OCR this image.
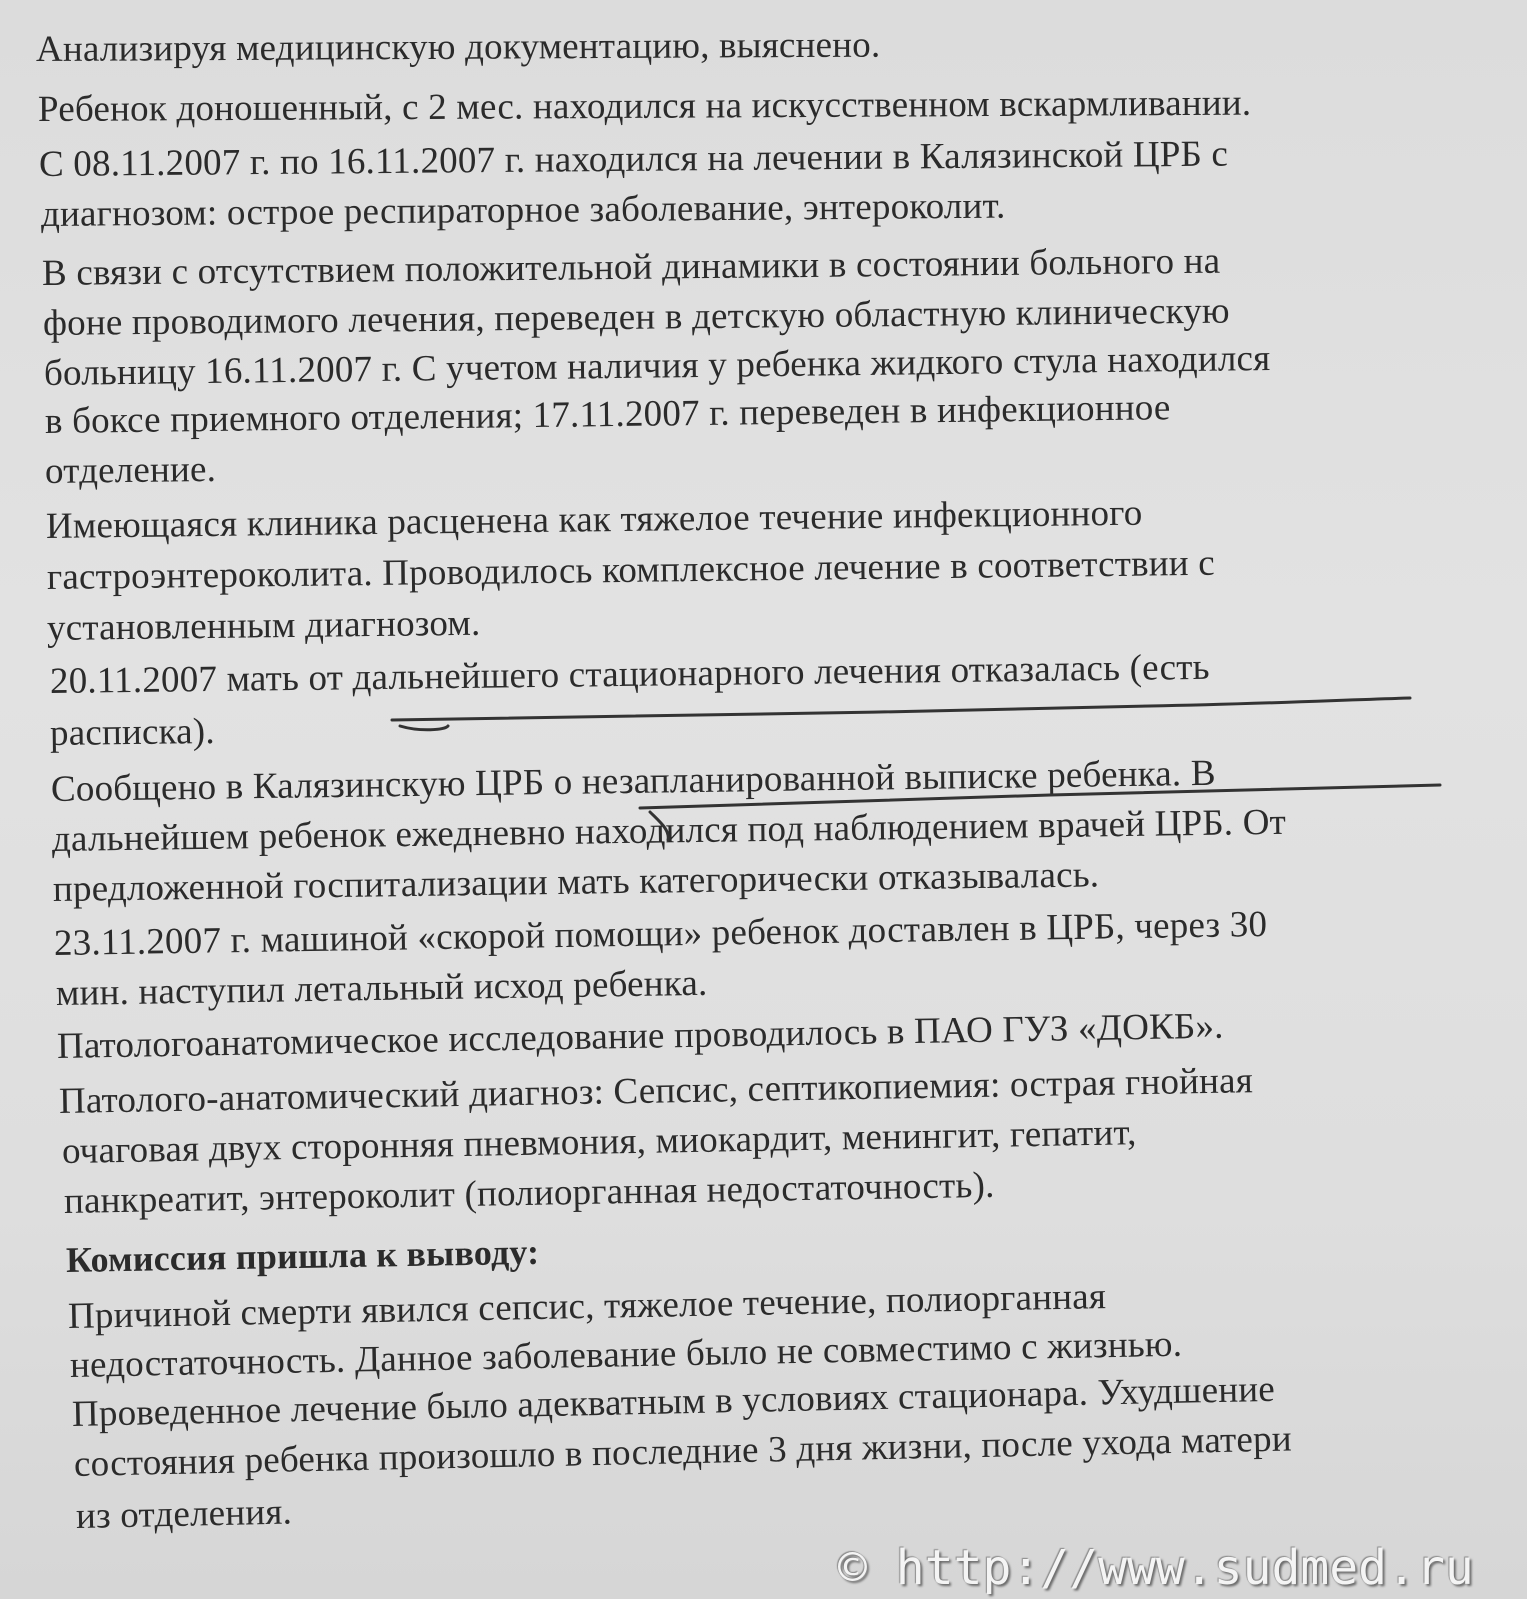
Анализируя медицинскую документацию, выяснено.
Ребенок доношенный, с 2 мес. находился на искусственном вскармливании.
С 08.11.2007 г. по 16.11.2007 г. находился на лечении в Калязинской ЦРБ с
диагнозом: острое респираторное заболевание, энтероколит.
В связи с отсутствием положительной динамики в состоянии больного на
фоне проводимого лечения, переведен в детскую областную клиническую
больницу 16.11.2007 г. С учетом наличия у ребенка жидкого стула находился
в боксе приемного отделения; 17.11.2007 г. переведен в инфекционное
отделение.
Имеющаяся клиника расценена как тяжелое течение инфекционного
гастроэнтероколита. Проводилось комплексное лечение в соответствии с
установленным диагнозом.
20.11.2007 мать от дальнейшего стационарного лечения отказалась (есть
расписка).
Сообщено в Калязинскую ЦРБ о незапланированной выписке ребенка. В
дальнейшем ребенок ежедневно находился под наблюдением врачей ЦРБ. От
предложенной госпитализации мать категорически отказывалась.
23.11.2007 г. машиной «скорой помощи» ребенок доставлен в ЦРБ, через 30
мин. наступил летальный исход ребенка.
Патологоанатомическое исследование проводилось в ПАО ГУЗ «ДОКБ».
Патолого-анатомический диагноз: Сепсис, септикопиемия: острая гнойная
очаговая двух сторонняя пневмония, миокардит, менингит, гепатит,
панкреатит, энтероколит (полиорганная недостаточность).
Комиссия пришла к выводу:
Причиной смерти явился сепсис, тяжелое течение, полиорганная
недостаточность. Данное заболевание было не совместимо с жизнью.
Проведенное лечение было адекватным в условиях стационара. Ухудшение
состояния ребенка произошло в последние 3 дня жизни, после ухода матери
из отделения.
© http://www.sudmed.ru
